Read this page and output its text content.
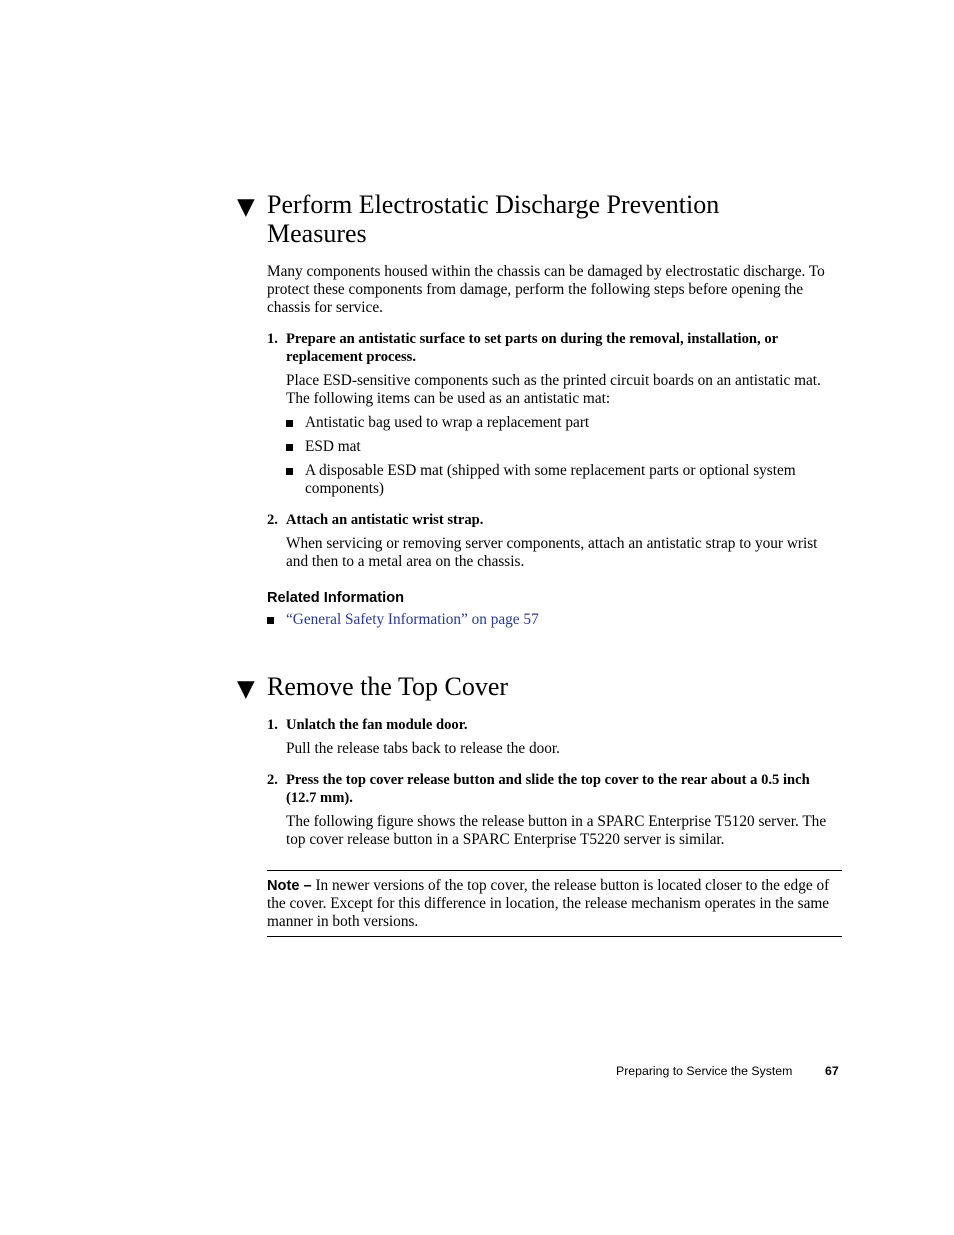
▼ Perform Electrostatic Discharge Prevention
Measures

Many components housed within the chassis can be damaged by electrostatic discharge. To protect these components from damage, perform the following steps before opening the chassis for service.

1. Prepare an antistatic surface to set parts on during the removal, installation, or replacement process.

Place ESD-sensitive components such as the printed circuit boards on an antistatic mat. The following items can be used as an antistatic mat:

Antistatic bag used to wrap a replacement part
ESD mat
A disposable ESD mat (shipped with some replacement parts or optional system components)
2. Attach an antistatic wrist strap.

When servicing or removing server components, attach an antistatic strap to your wrist and then to a metal area on the chassis.

Related Information
“General Safety Information” on page 57
▼ Remove the Top Cover
1. Unlatch the fan module door.

Pull the release tabs back to release the door.

2. Press the top cover release button and slide the top cover to the rear about a 0.5 inch (12.7 mm).

The following figure shows the release button in a SPARC Enterprise T5120 server. The top cover release button in a SPARC Enterprise T5220 server is similar.

Note – In newer versions of the top cover, the release button is located closer to the edge of the cover. Except for this difference in location, the release mechanism operates in the same manner in both versions.

Preparing to Service the System	67
